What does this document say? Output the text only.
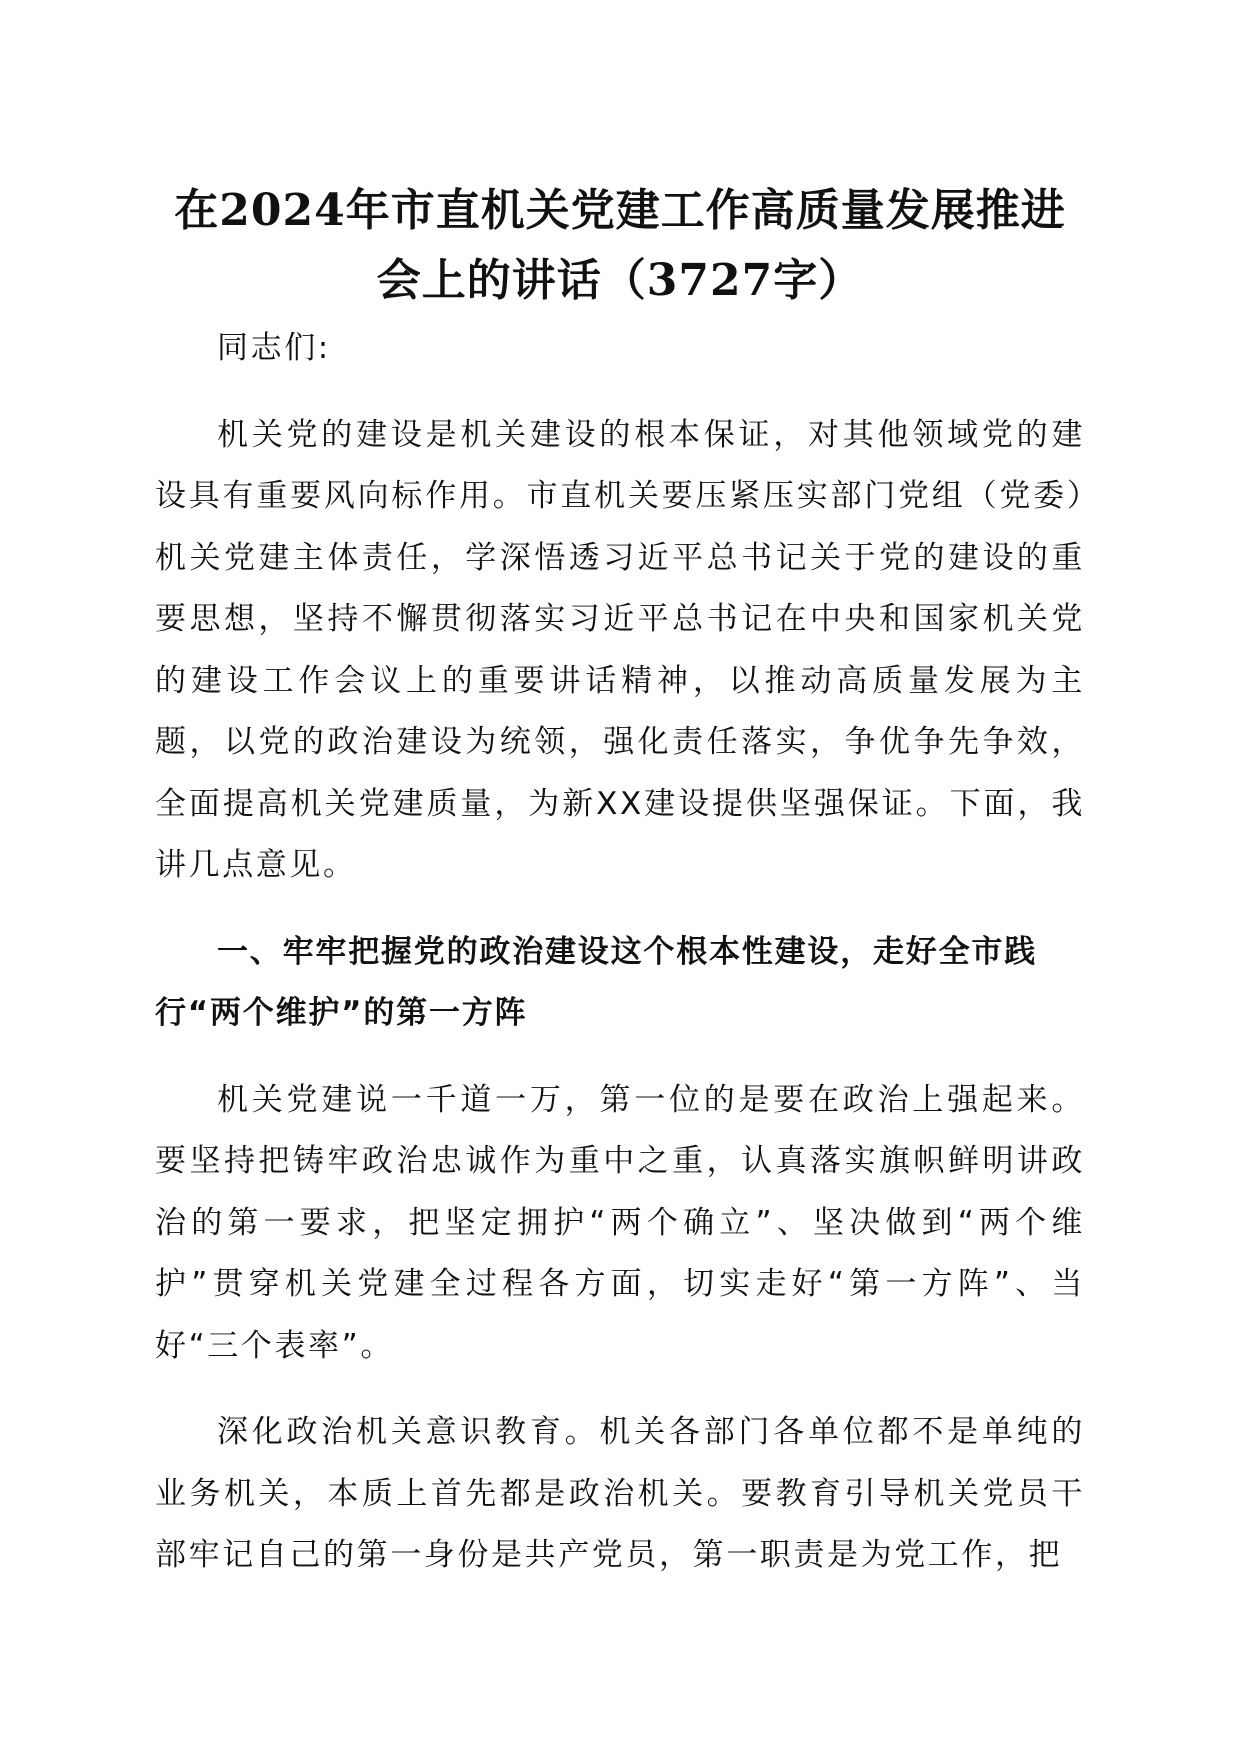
在2024年市直机关党建工作高质量发展推进
会上的讲话（3727字）

同志们:

机关党的建设是机关建设的根本保证，对其他领域党的建设具有重要风向标作用。市直机关要压紧压实部门党组（党委）机关党建主体责任，学深悟透习近平总书记关于党的建设的重要思想，坚持不懈贯彻落实习近平总书记在中央和国家机关党的建设工作会议上的重要讲话精神，以推动高质量发展为主题，以党的政治建设为统领，强化责任落实，争优争先争效，全面提高机关党建质量，为新XX建设提供坚强保证。下面，我讲几点意见。

一、牢牢把握党的政治建设这个根本性建设，走好全市践行“两个维护”的第一方阵

机关党建说一千道一万，第一位的是要在政治上强起来。要坚持把铸牢政治忠诚作为重中之重，认真落实旗帜鲜明讲政治的第一要求，把坚定拥护“两个确立”、坚决做到“两个维护”贯穿机关党建全过程各方面，切实走好“第一方阵”、当好“三个表率”。

深化政治机关意识教育。机关各部门各单位都不是单纯的业务机关，本质上首先都是政治机关。要教育引导机关党员干部牢记自己的第一身份是共产党员，第一职责是为党工作，把
